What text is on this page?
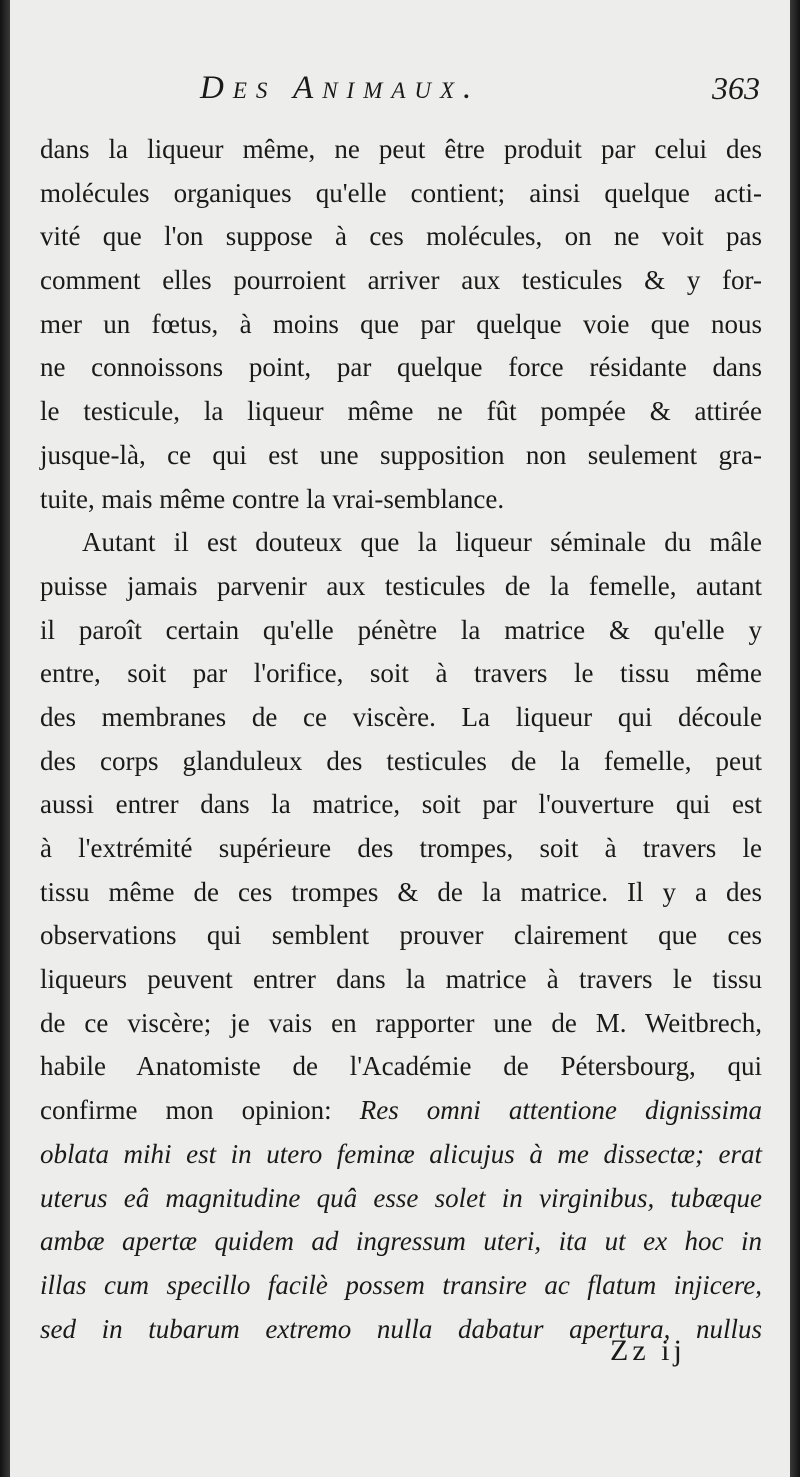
Des Animaux.	363
dans la liqueur même, ne peut être produit par celui des
molécules organiques qu'elle contient; ainsi quelque acti-
vité que l'on suppose à ces molécules, on ne voit pas
comment elles pourroient arriver aux testicules & y for-
mer un fœtus, à moins que par quelque voie que nous
ne connoissons point, par quelque force résidante dans
le testicule, la liqueur même ne fût pompée & attirée
jusque-là, ce qui est une supposition non seulement gra-
tuite, mais même contre la vrai-semblance.
Autant il est douteux que la liqueur séminale du mâle
puisse jamais parvenir aux testicules de la femelle, autant
il paroît certain qu'elle pénètre la matrice & qu'elle y
entre, soit par l'orifice, soit à travers le tissu même
des membranes de ce viscère. La liqueur qui découle
des corps glanduleux des testicules de la femelle, peut
aussi entrer dans la matrice, soit par l'ouverture qui est
à l'extrémité supérieure des trompes, soit à travers le
tissu même de ces trompes & de la matrice. Il y a des
observations qui semblent prouver clairement que ces
liqueurs peuvent entrer dans la matrice à travers le tissu
de ce viscère; je vais en rapporter une de M. Weitbrech,
habile Anatomiste de l'Académie de Pétersbourg, qui
confirme mon opinion: Res omni attentione dignissima
oblata mihi est in utero feminæ alicujus à me dissectæ; erat
uterus eâ magnitudine quâ esse solet in virginibus, tubæque
ambæ apertæ quidem ad ingressum uteri, ita ut ex hoc in
illas cum specillo facilè possem transire ac flatum injicere,
sed in tubarum extremo nulla dabatur apertura, nullus
Zz ij
